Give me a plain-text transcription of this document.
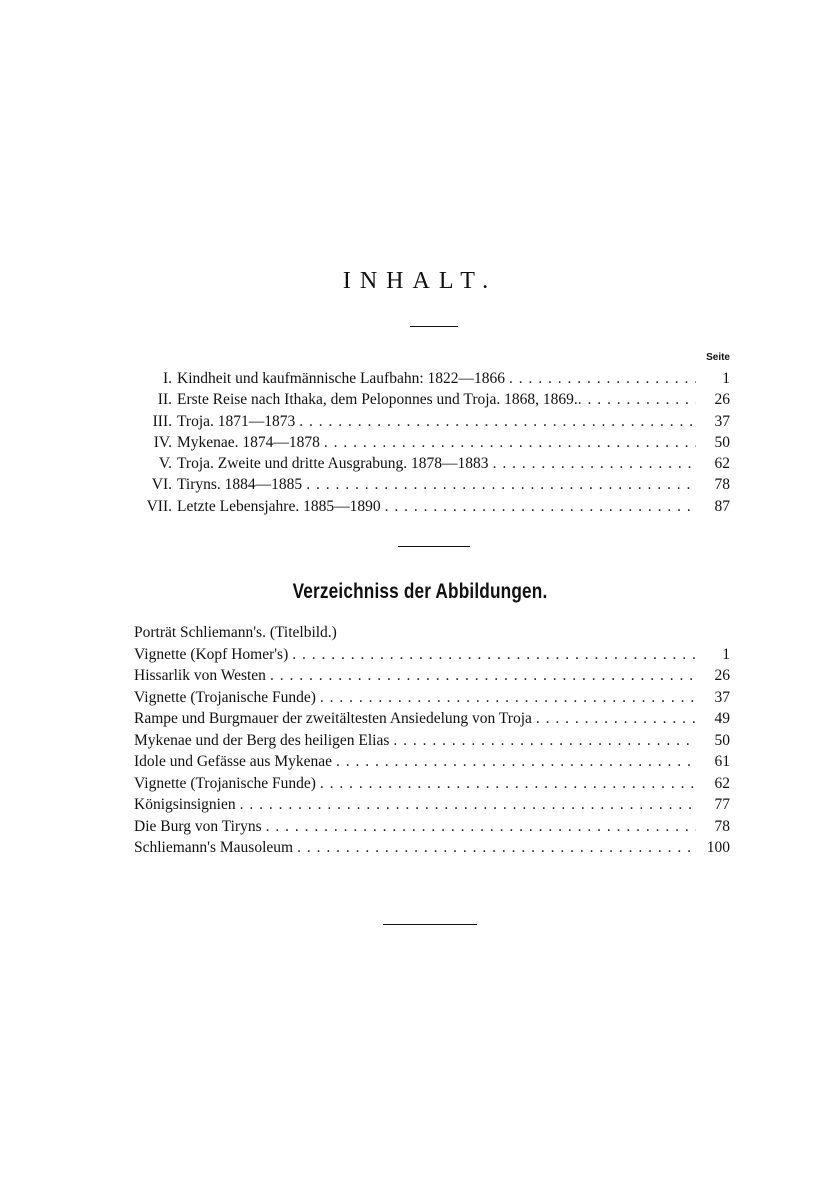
INHALT.
Seite
I. Kindheit und kaufmännische Laufbahn: 1822—1866 . . .	1
II. Erste Reise nach Ithaka, dem Peloponnes und Troja. 1868, 1869. . . .	26
III. Troja. 1871—1873 . . .	37
IV. Mykenae. 1874—1878 . . .	50
V. Troja. Zweite und dritte Ausgrabung. 1878—1883 . . .	62
VI. Tiryns. 1884—1885 . . .	78
VII. Letzte Lebensjahre. 1885—1890 . . .	87
Verzeichniss der Abbildungen.
Porträt Schliemann's. (Titelbild.)
Vignette (Kopf Homer's) . . .	1
Hissarlik von Westen . . .	26
Vignette (Trojanische Funde) . . .	37
Rampe und Burgmauer der zweitältesten Ansiedelung von Troja . . .	49
Mykenae und der Berg des heiligen Elias . . .	50
Idole und Gefässe aus Mykenae . . .	61
Vignette (Trojanische Funde) . . .	62
Königsinsignien . . .	77
Die Burg von Tiryns . . .	78
Schliemann's Mausoleum . . .	100
